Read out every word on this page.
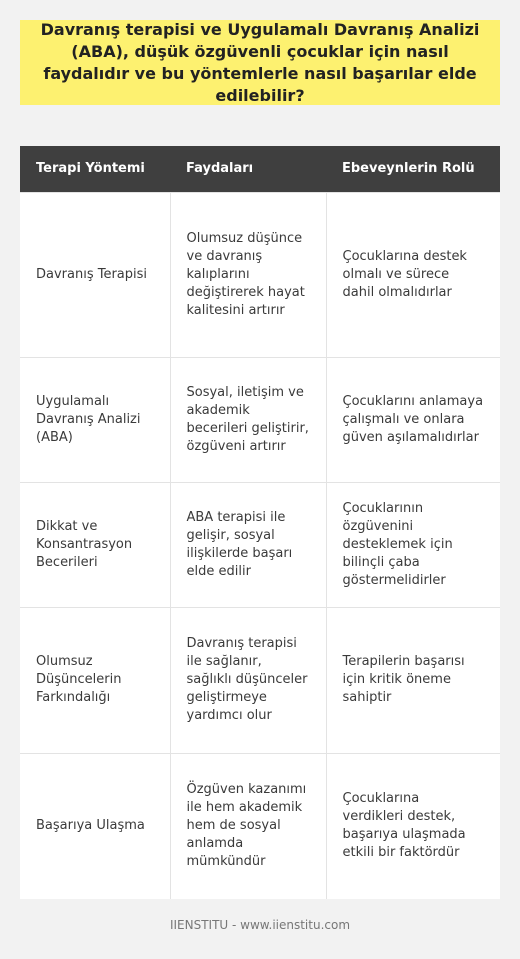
Davranış terapisi ve Uygulamalı Davranış Analizi (ABA), düşük özgüvenli çocuklar için nasıl faydalıdır ve bu yöntemlerle nasıl başarılar elde edilebilir?
Terapi Yöntemi	Faydaları	Ebeveynlerin Rolü
Davranış Terapisi	Olumsuz düşünce ve davranış kalıplarını değiştirerek hayat kalitesini artırır	Çocuklarına destek olmalı ve sürece dahil olmalıdırlar
Uygulamalı Davranış Analizi (ABA)	Sosyal, iletişim ve akademik becerileri geliştirir, özgüveni artırır	Çocuklarını anlamaya çalışmalı ve onlara güven aşılamalıdırlar
Dikkat ve Konsantrasyon Becerileri	ABA terapisi ile gelişir, sosyal ilişkilerde başarı elde edilir	Çocuklarının özgüvenini desteklemek için bilinçli çaba göstermelidirler
Olumsuz Düşüncelerin Farkındalığı	Davranış terapisi ile sağlanır, sağlıklı düşünceler geliştirmeye yardımcı olur	Terapilerin başarısı için kritik öneme sahiptir
Başarıya Ulaşma	Özgüven kazanımı ile hem akademik hem de sosyal anlamda mümkündür	Çocuklarına verdikleri destek, başarıya ulaşmada etkili bir faktördür
IIENSTITU - www.iienstitu.com
